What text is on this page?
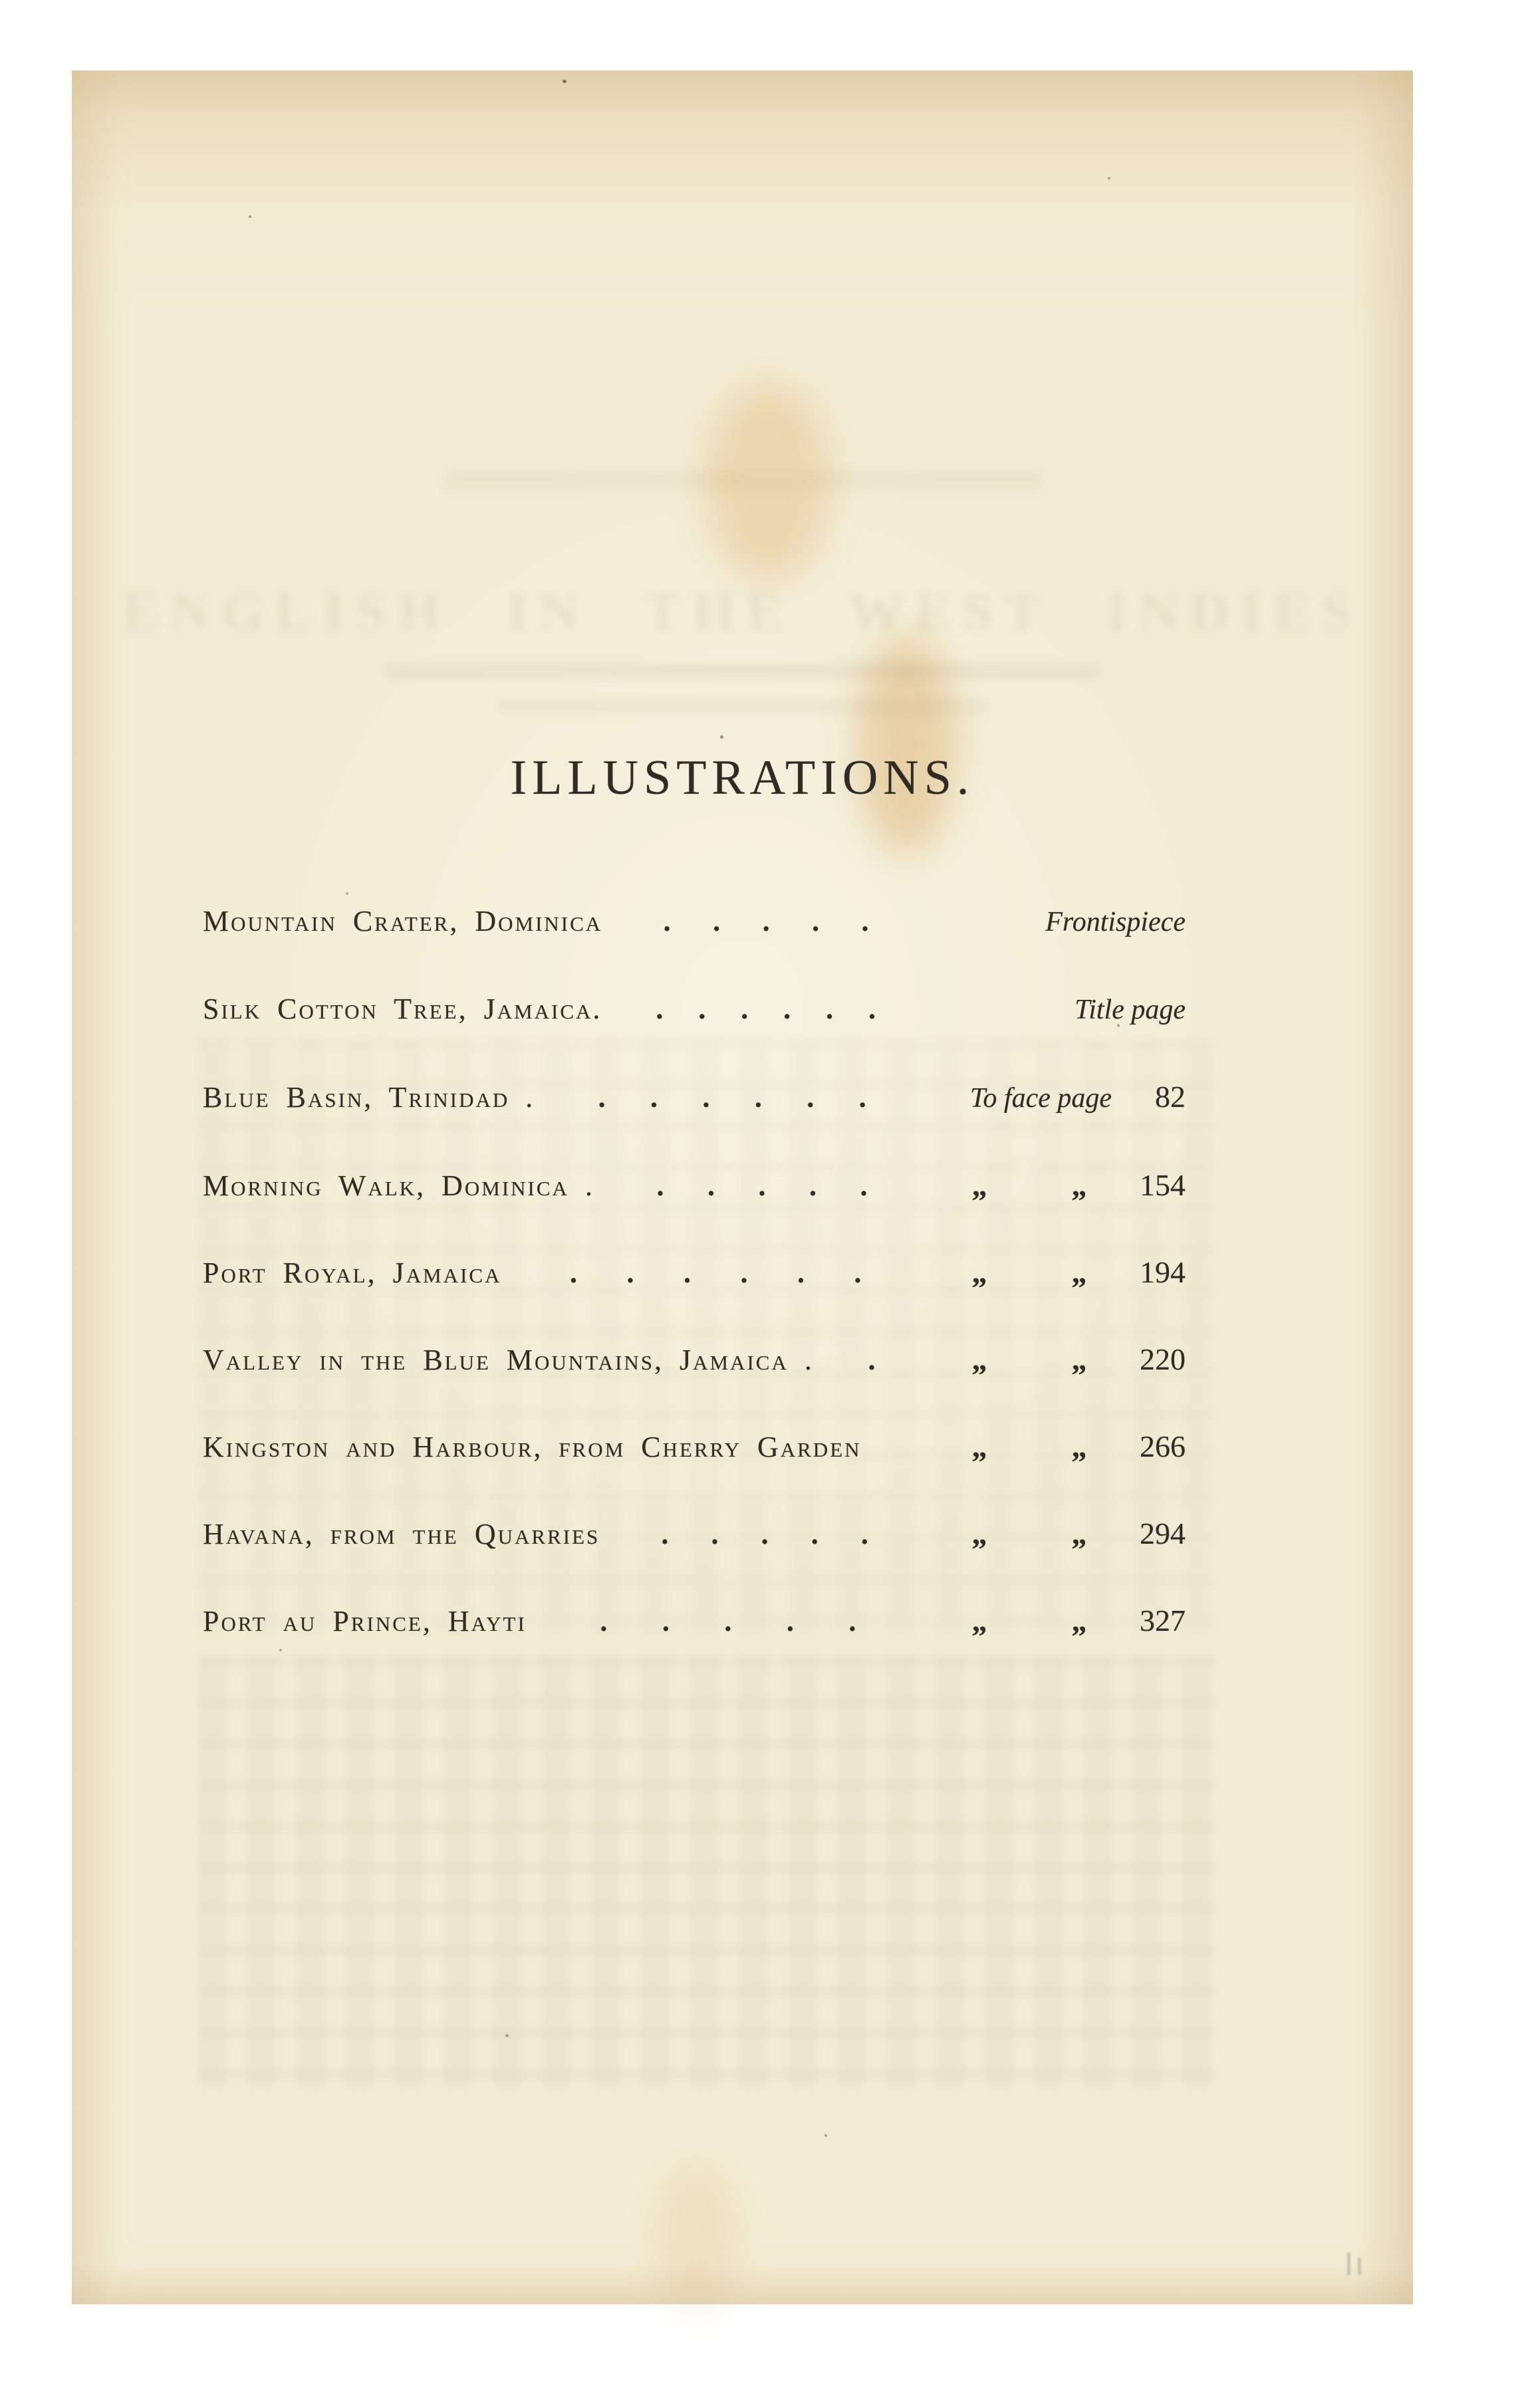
ENGLISH IN THE WEST INDIES
ILLUSTRATIONS.
Mountain Crater, Dominica . . . . .	Frontispiece
Silk Cotton Tree, Jamaica. . . . . . .	Title page
Blue Basin, Trinidad . . . . . . .	To face page	82
Morning Walk, Dominica . . . . . .	„	„	154
Port Royal, Jamaica . . . . . .	„	„	194
Valley in the Blue Mountains, Jamaica . .	„	„	220
Kingston and Harbour, from Cherry Garden	„	„	266
Havana, from the Quarries . . . . .	„	„	294
Port au Prince, Hayti	. . . . .	„	„	327
